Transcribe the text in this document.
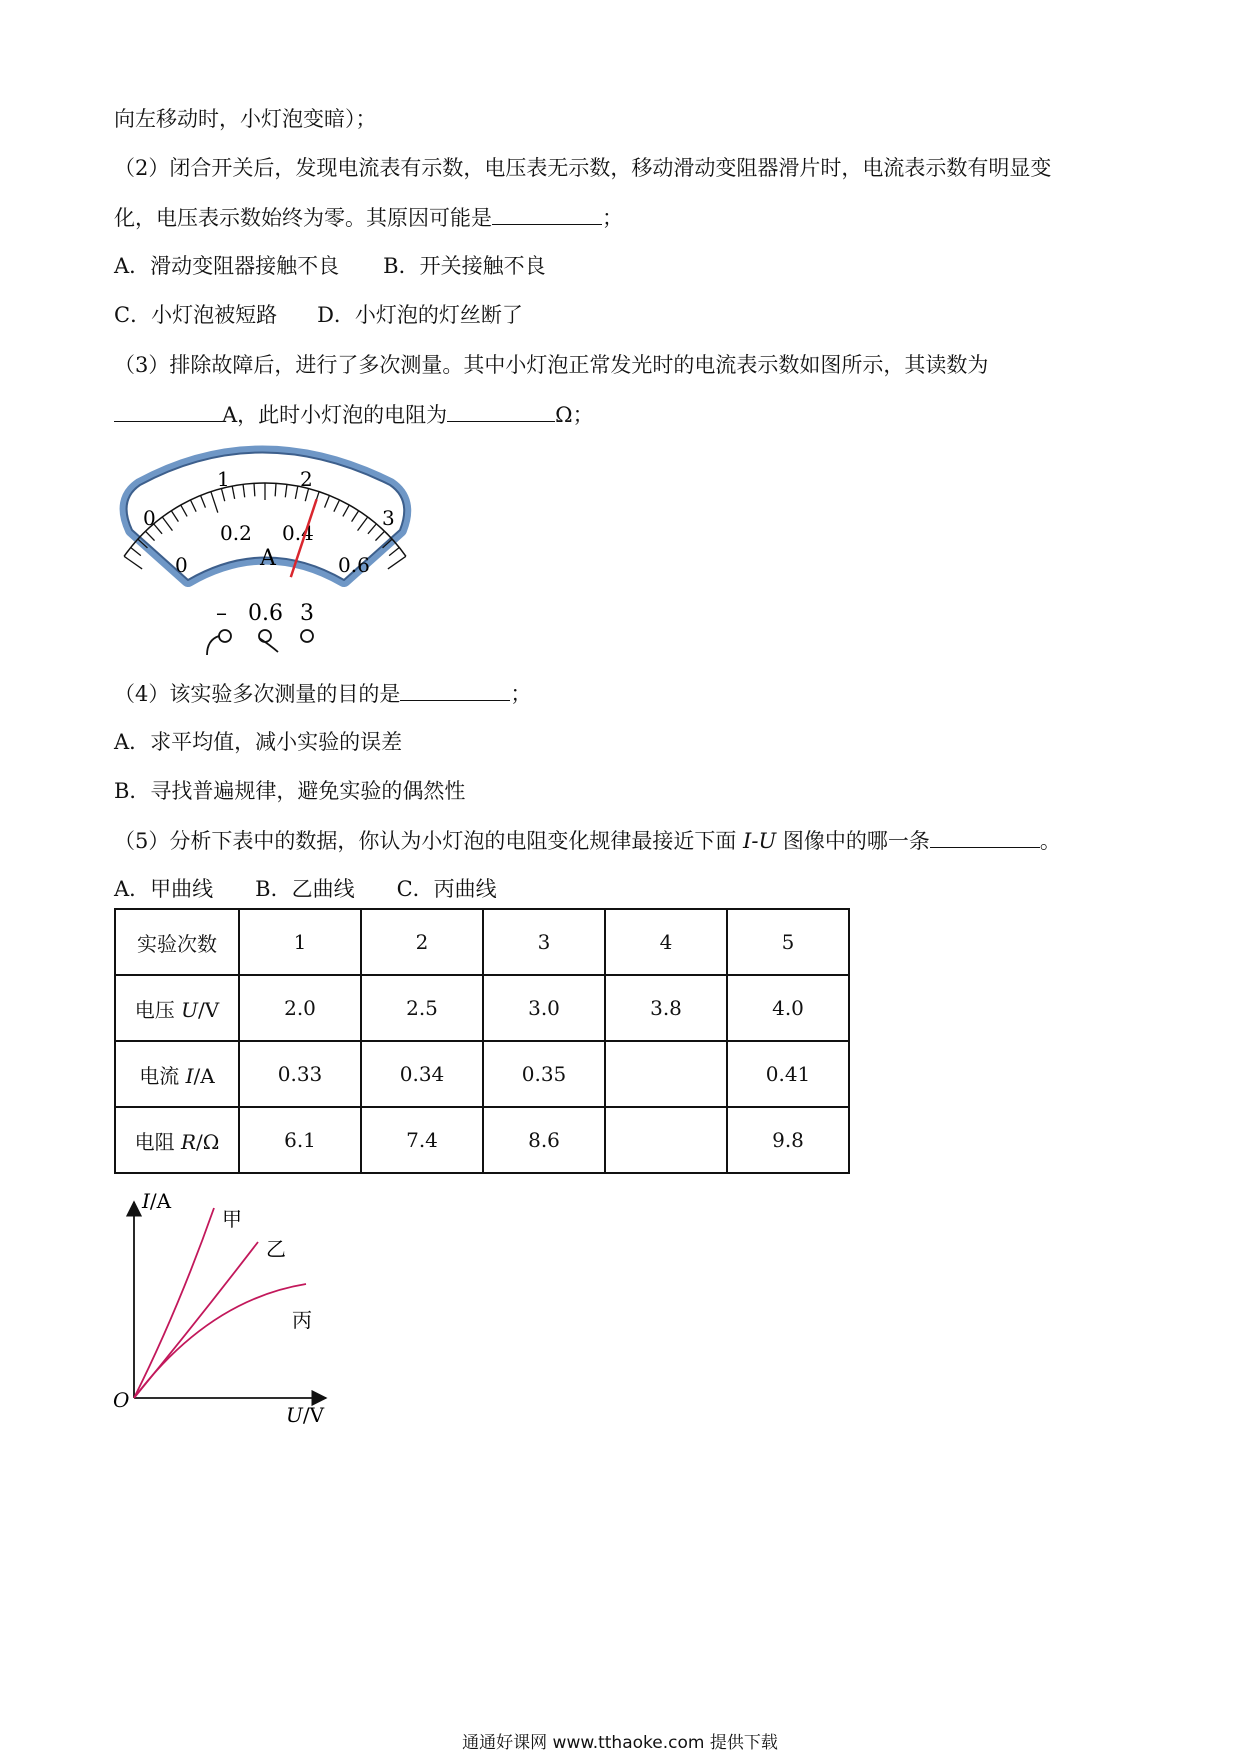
向左移动时，小灯泡变暗）；
（2）闭合开关后，发现电流表有示数，电压表无示数，移动滑动变阻器滑片时，电流表示数有明显变
化，电压表示数始终为零。其原因可能是	；
A．滑动变阻器接触不良 B．开关接触不良
C．小灯泡被短路 D．小灯泡的灯丝断了
（3）排除故障后，进行了多次测量。其中小灯泡正常发光时的电流表示数如图所示，其读数为
A，此时小灯泡的电阻为	Ω；
0
1	2
3
0
0.2 0.4
0.6
A
– 0.6 3
（4）该实验多次测量的目的是	；
A．求平均值，减小实验的误差
B．寻找普遍规律，避免实验的偶然性
（5）分析下表中的数据，你认为小灯泡的电阻变化规律最接近下面 I-U 图像中的哪一条	。
A．甲曲线 B．乙曲线 C．丙曲线
实验次数	1	2	3	4	5
电压 U/V	2.0	2.5	3.0	3.8	4.0
电流 I/A	0.33	0.34	0.35		0.41
电阻 R/Ω	6.1	7.4	8.6		9.8
I/A
U/V
O
甲
乙
丙
通通好课网 www.tthaoke.com 提供下载
